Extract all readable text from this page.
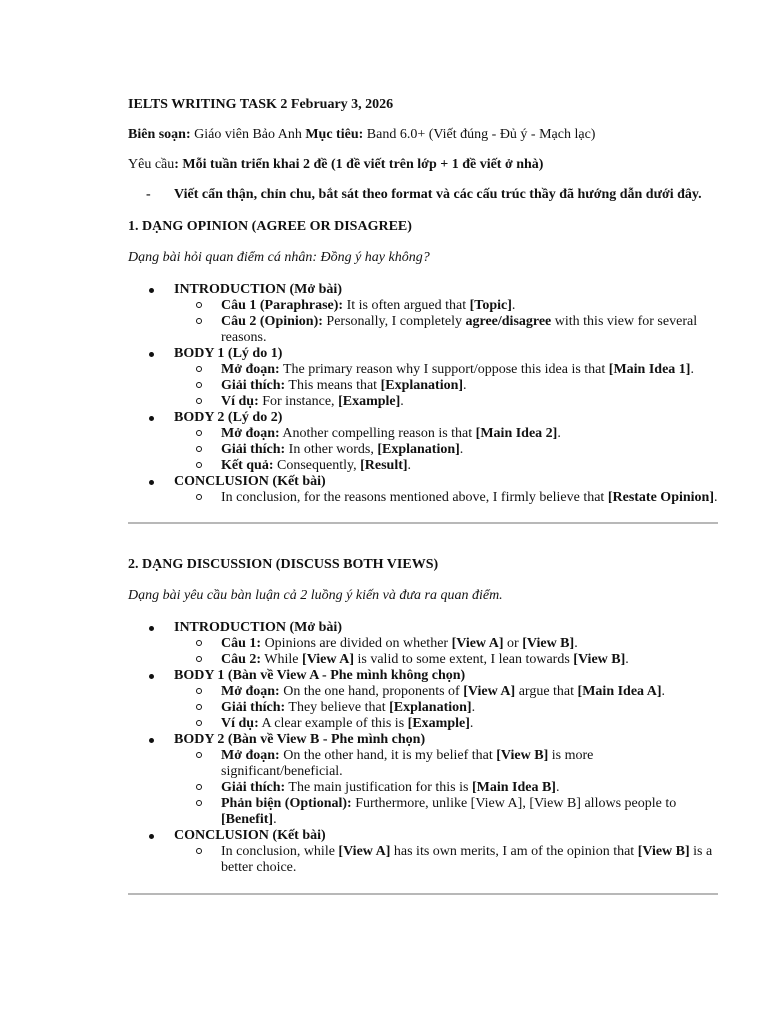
IELTS WRITING TASK 2 February 3, 2026

Biên soạn: Giáo viên Bảo Anh Mục tiêu: Band 6.0+ (Viết đúng - Đủ ý - Mạch lạc)

Yêu cầu: Mỗi tuần triển khai 2 đề (1 đề viết trên lớp + 1 đề viết ở nhà)

-	Viết cẩn thận, chỉn chu, bắt sát theo format và các cấu trúc thầy đã hướng dẫn dưới đây.

1. DẠNG OPINION (AGREE OR DISAGREE)

Dạng bài hỏi quan điểm cá nhân: Đồng ý hay không?

INTRODUCTION (Mở bài)
Câu 1 (Paraphrase): It is often argued that [Topic].
Câu 2 (Opinion): Personally, I completely agree/disagree with this view for several reasons.
BODY 1 (Lý do 1)
Mở đoạn: The primary reason why I support/oppose this idea is that [Main Idea 1].
Giải thích: This means that [Explanation].
Ví dụ: For instance, [Example].
BODY 2 (Lý do 2)
Mở đoạn: Another compelling reason is that [Main Idea 2].
Giải thích: In other words, [Explanation].
Kết quả: Consequently, [Result].
CONCLUSION (Kết bài)
In conclusion, for the reasons mentioned above, I firmly believe that [Restate Opinion].

2. DẠNG DISCUSSION (DISCUSS BOTH VIEWS)

Dạng bài yêu cầu bàn luận cả 2 luồng ý kiến và đưa ra quan điểm.

INTRODUCTION (Mở bài)
Câu 1: Opinions are divided on whether [View A] or [View B].
Câu 2: While [View A] is valid to some extent, I lean towards [View B].
BODY 1 (Bàn về View A - Phe mình không chọn)
Mở đoạn: On the one hand, proponents of [View A] argue that [Main Idea A].
Giải thích: They believe that [Explanation].
Ví dụ: A clear example of this is [Example].
BODY 2 (Bàn về View B - Phe mình chọn)
Mở đoạn: On the other hand, it is my belief that [View B] is more significant/beneficial.
Giải thích: The main justification for this is [Main Idea B].
Phản biện (Optional): Furthermore, unlike [View A], [View B] allows people to [Benefit].
CONCLUSION (Kết bài)
In conclusion, while [View A] has its own merits, I am of the opinion that [View B] is a better choice.
